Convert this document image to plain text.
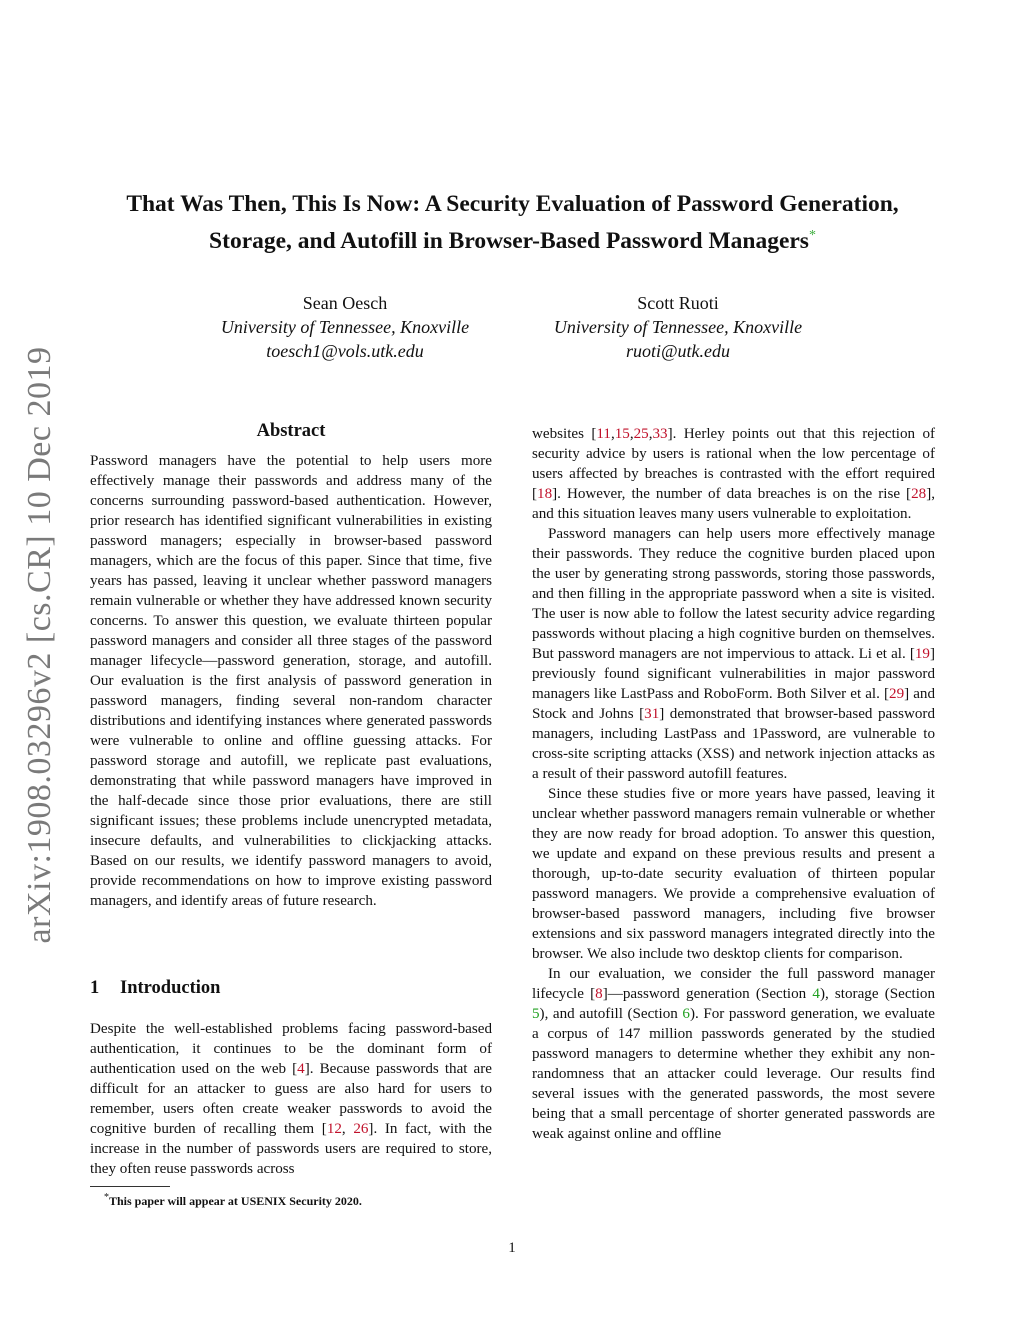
arXiv:1908.03296v2 [cs.CR] 10 Dec 2019
That Was Then, This Is Now: A Security Evaluation of Password Generation,
Storage, and Autofill in Browser-Based Password Managers*
Sean Oesch
University of Tennessee, Knoxville
toesch1@vols.utk.edu
Scott Ruoti
University of Tennessee, Knoxville
ruoti@utk.edu
Abstract

Password managers have the potential to help users more effectively manage their passwords and address many of the concerns surrounding password-based authentication. However, prior research has identified significant vulnerabilities in existing password managers; especially in browser-based password managers, which are the focus of this paper. Since that time, five years has passed, leaving it unclear whether password managers remain vulnerable or whether they have addressed known security concerns. To answer this question, we evaluate thirteen popular password managers and consider all three stages of the password manager lifecycle—password generation, storage, and autofill. Our evaluation is the first analysis of password generation in password managers, finding several non-random character distributions and identifying instances where generated passwords were vulnerable to online and offline guessing attacks. For password storage and autofill, we replicate past evaluations, demonstrating that while password managers have improved in the half-decade since those prior evaluations, there are still significant issues; these problems include unencrypted metadata, insecure defaults, and vulnerabilities to clickjacking attacks. Based on our results, we identify password managers to avoid, provide recommendations on how to improve existing password managers, and identify areas of future research.

1 Introduction

Despite the well-established problems facing password-based authentication, it continues to be the dominant form of authentication used on the web [4]. Because passwords that are difficult for an attacker to guess are also hard for users to remember, users often create weaker passwords to avoid the cognitive burden of recalling them [12, 26]. In fact, with the increase in the number of passwords users are required to store, they often reuse passwords across

websites [11,15,25,33]. Herley points out that this rejection of security advice by users is rational when the low percentage of users affected by breaches is contrasted with the effort required [18]. However, the number of data breaches is on the rise [28], and this situation leaves many users vulnerable to exploitation.

Password managers can help users more effectively manage their passwords. They reduce the cognitive burden placed upon the user by generating strong passwords, storing those passwords, and then filling in the appropriate password when a site is visited. The user is now able to follow the latest security advice regarding passwords without placing a high cognitive burden on themselves. But password managers are not impervious to attack. Li et al. [19] previously found significant vulnerabilities in major password managers like LastPass and RoboForm. Both Silver et al. [29] and Stock and Johns [31] demonstrated that browser-based password managers, including LastPass and 1Password, are vulnerable to cross-site scripting attacks (XSS) and network injection attacks as a result of their password autofill features.

Since these studies five or more years have passed, leaving it unclear whether password managers remain vulnerable or whether they are now ready for broad adoption. To answer this question, we update and expand on these previous results and present a thorough, up-to-date security evaluation of thirteen popular password managers. We provide a comprehensive evaluation of browser-based password managers, including five browser extensions and six password managers integrated directly into the browser. We also include two desktop clients for comparison.

In our evaluation, we consider the full password manager lifecycle [8]—password generation (Section 4), storage (Section 5), and autofill (Section 6). For password generation, we evaluate a corpus of 147 million passwords generated by the studied password managers to determine whether they exhibit any non-randomness that an attacker could leverage. Our results find several issues with the generated passwords, the most severe being that a small percentage of shorter generated passwords are weak against online and offline

*This paper will appear at USENIX Security 2020.
1
